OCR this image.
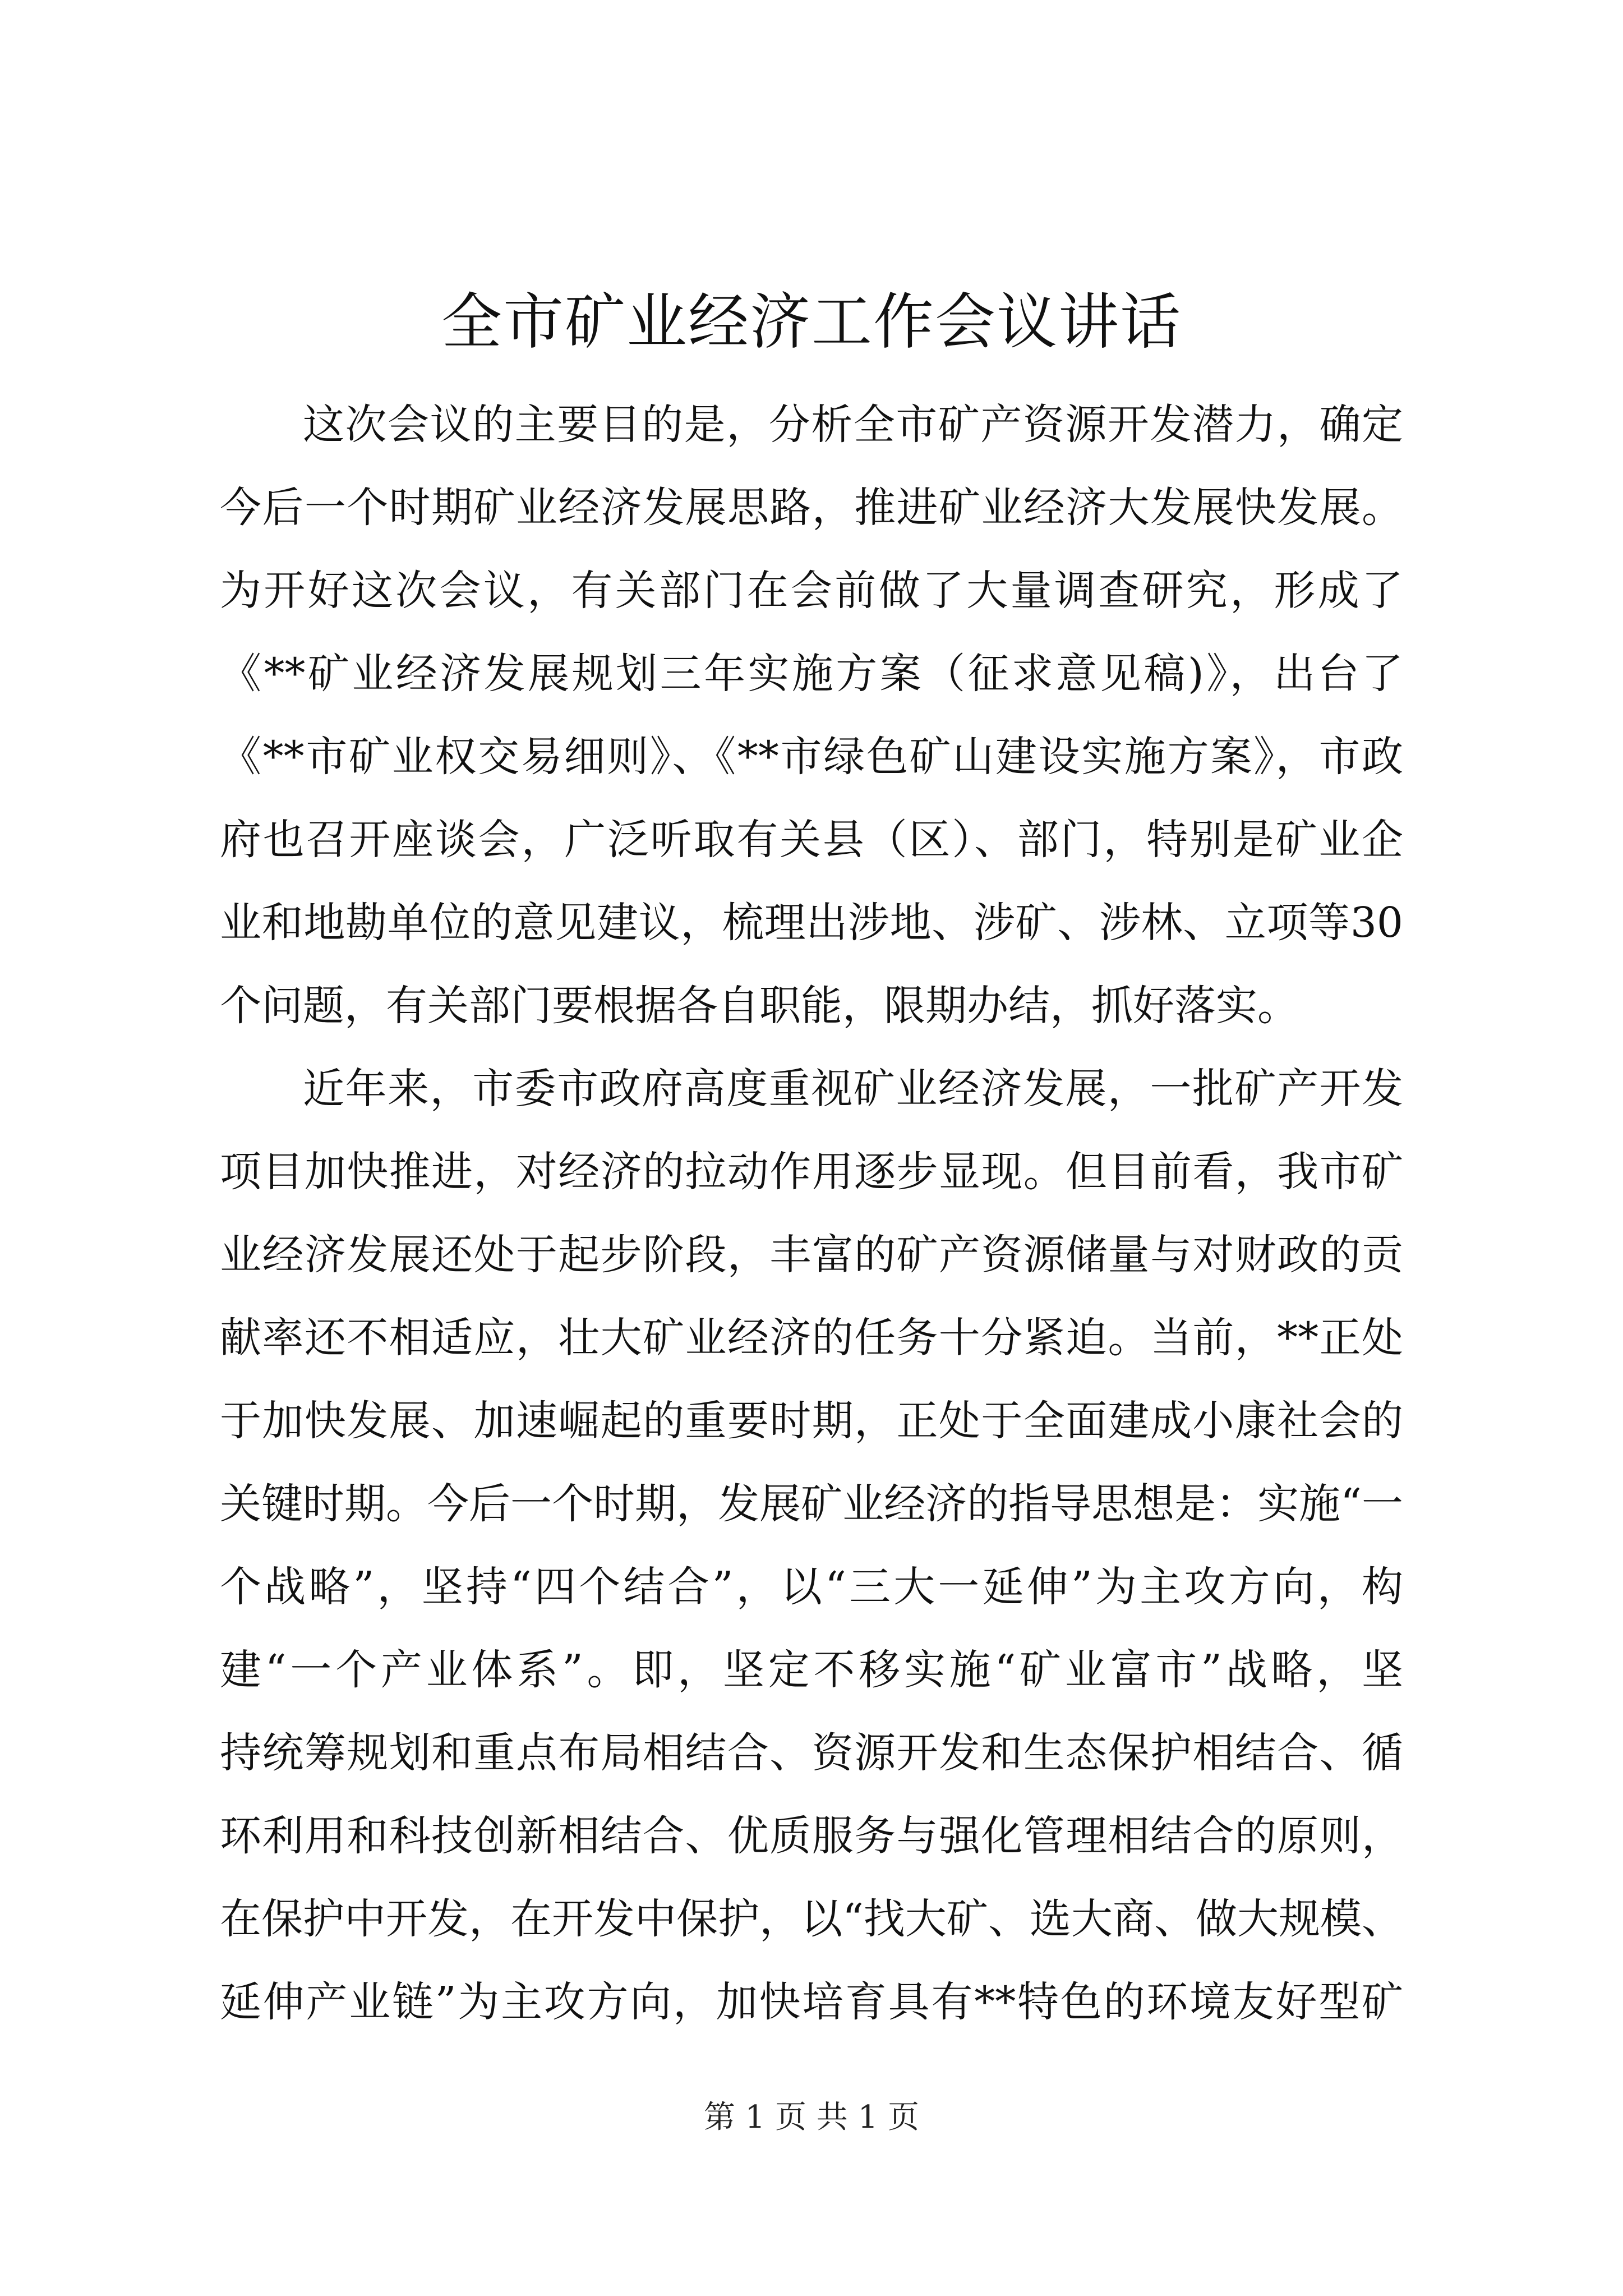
全市矿业经济工作会议讲话
这次会议的主要目的是，分析全市矿产资源开发潜力，确定
今后一个时期矿业经济发展思路，推进矿业经济大发展快发展。
为开好这次会议，有关部门在会前做了大量调查研究，形成了
《**矿业经济发展规划三年实施方案（征求意见稿)》，出台了
《**市矿业权交易细则》、《**市绿色矿山建设实施方案》，市政
府也召开座谈会，广泛听取有关县（区）、部门，特别是矿业企
业和地勘单位的意见建议，梳理出涉地、涉矿、涉林、立项等30
个问题，有关部门要根据各自职能，限期办结，抓好落实。
近年来，市委市政府高度重视矿业经济发展，一批矿产开发
项目加快推进，对经济的拉动作用逐步显现。但目前看，我市矿
业经济发展还处于起步阶段，丰富的矿产资源储量与对财政的贡
献率还不相适应，壮大矿业经济的任务十分紧迫。当前，**正处
于加快发展、加速崛起的重要时期，正处于全面建成小康社会的
关键时期。今后一个时期，发展矿业经济的指导思想是：实施“一
个战略”，坚持“四个结合”，以“三大一延伸”为主攻方向，构
建“一个产业体系”。即，坚定不移实施“矿业富市”战略，坚
持统筹规划和重点布局相结合、资源开发和生态保护相结合、循
环利用和科技创新相结合、优质服务与强化管理相结合的原则，
在保护中开发，在开发中保护，以“找大矿、选大商、做大规模、
延伸产业链”为主攻方向，加快培育具有**特色的环境友好型矿
第 1 页 共 1 页
